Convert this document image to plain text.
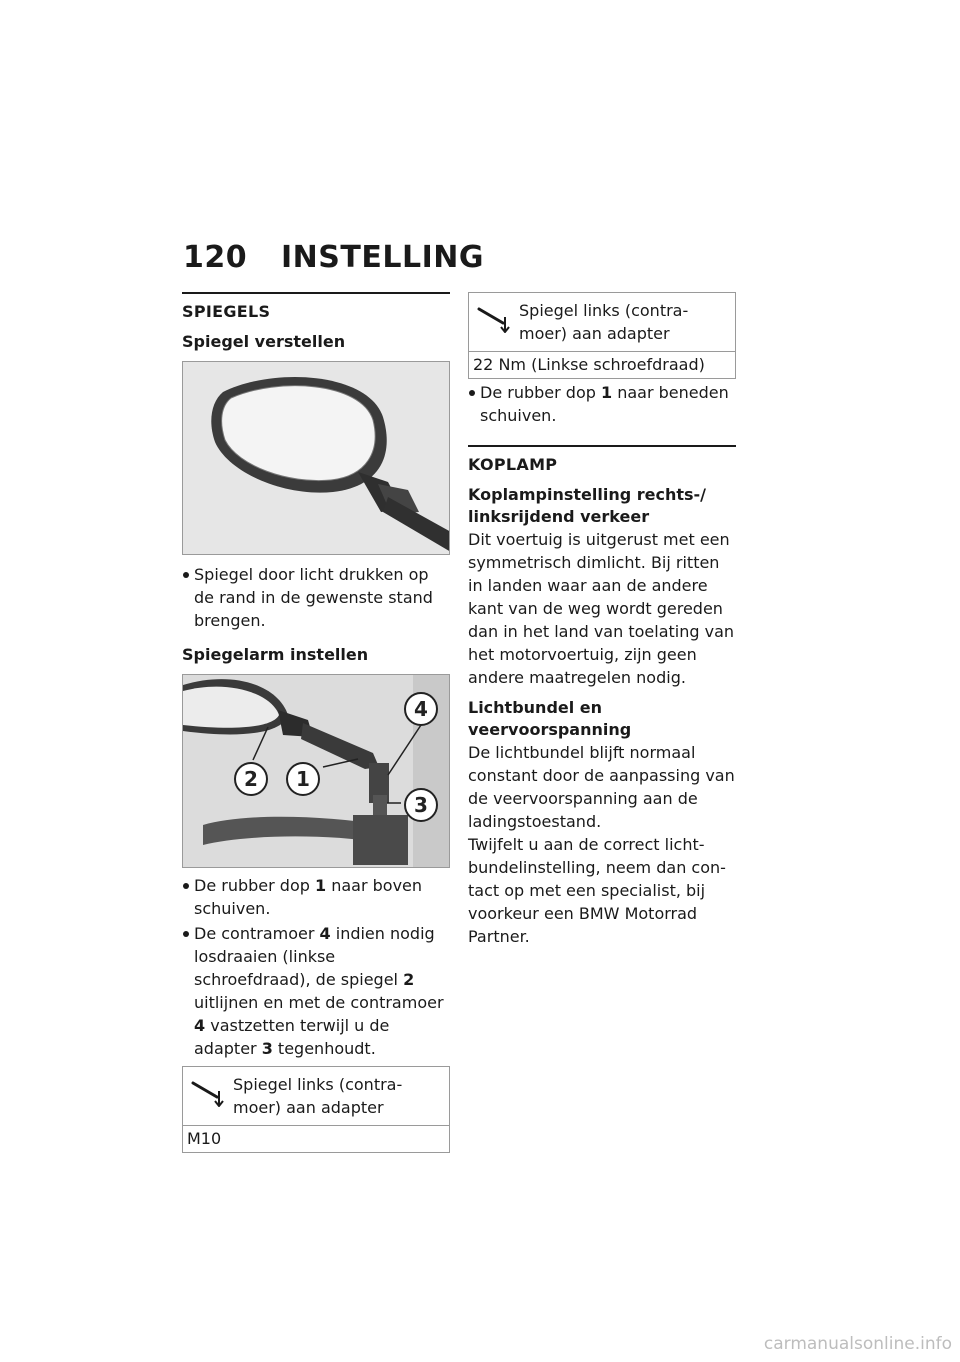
120 INSTELLING
SPIEGELS
Spiegel verstellen
Spiegel door licht drukken op de rand in de gewenste stand brengen.
Spiegelarm instellen
1
2
3
4
De rubber dop 1 naar boven schuiven.
De contramoer 4 indien nodig losdraaien (linkse schroefdraad), de spiegel 2 uitlijnen en met de contramoer 4 vastzetten terwijl u de adapter 3 tegenhoudt.
Spiegel links (contramoer) aan adapter
M10
Spiegel links (contramoer) aan adapter
22 Nm (Linkse schroefdraad)
De rubber dop 1 naar beneden schuiven.
KOPLAMP
Koplampinstelling rechts-/ linksrijdend verkeer
Dit voertuig is uitgerust met een symmetrisch dimlicht. Bij ritten in landen waar aan de andere kant van de weg wordt gereden dan in het land van toelating van het motorvoertuig, zijn geen andere maatregelen nodig.
Lichtbundel en veervoorspanning
De lichtbundel blijft normaal constant door de aanpassing van de veervoorspanning aan de ladingstoestand.
Twijfelt u aan de correct lichtbundelinstelling, neem dan contact op met een specialist, bij voorkeur een BMW Motorrad Partner.
carmanualsonline.info
